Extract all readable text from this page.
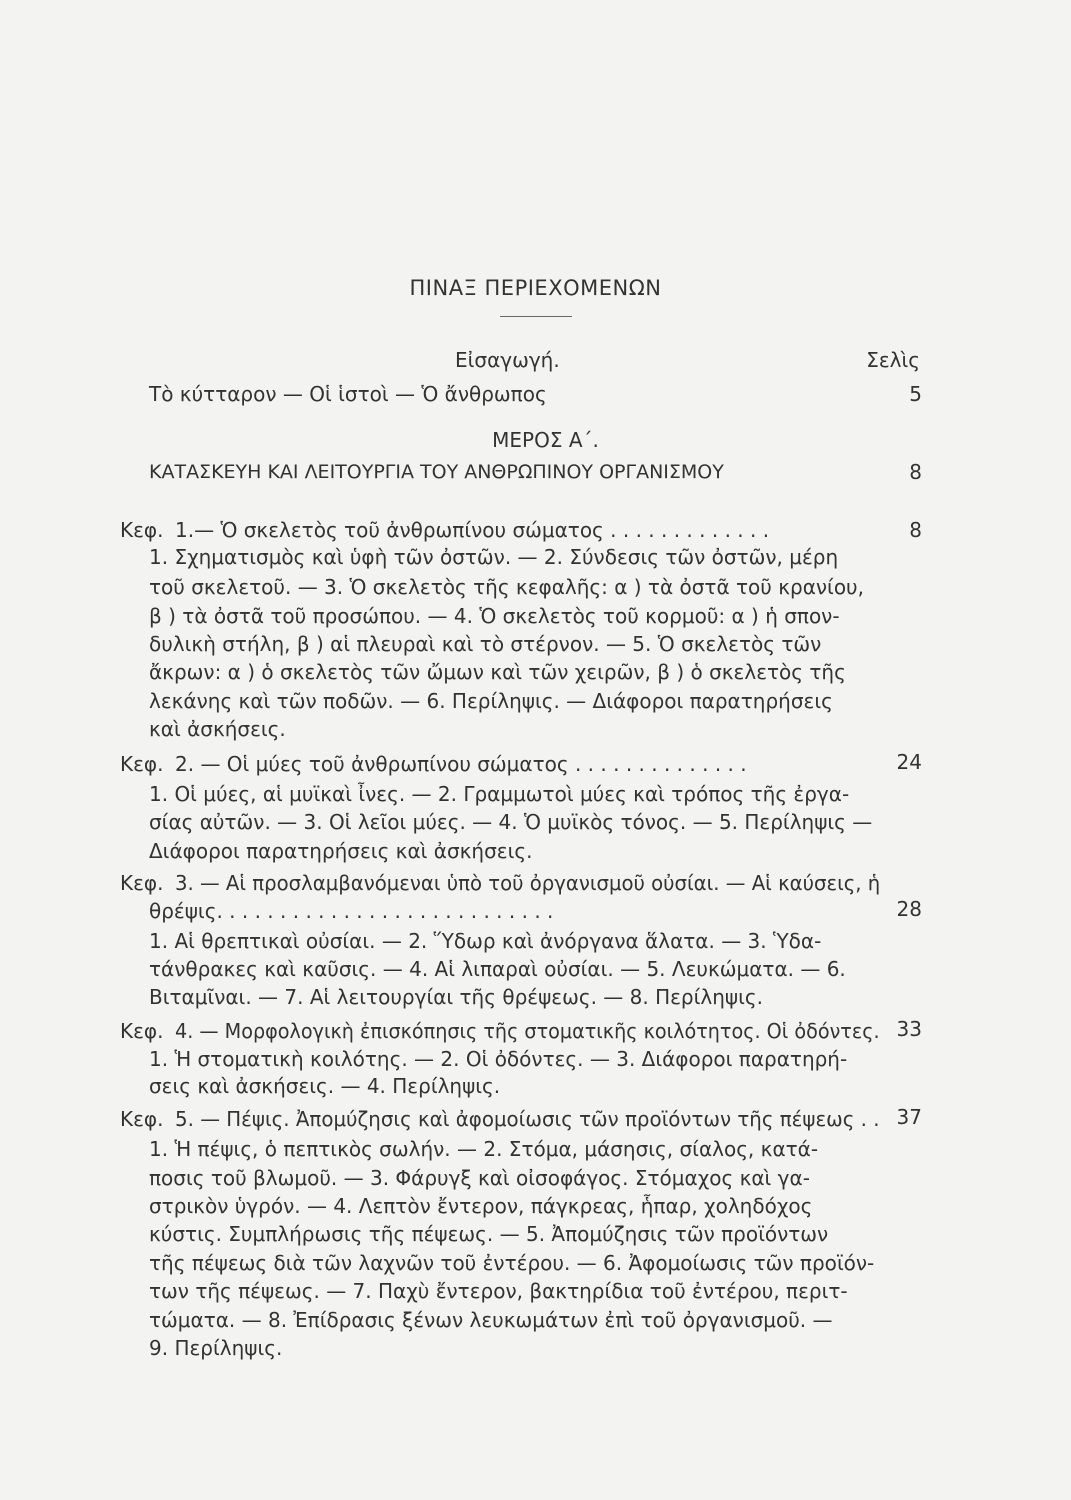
ΠΙΝΑΞ ΠΕΡΙΕΧΟΜΕΝΩΝ
Εἰσαγωγή.	Σελὶς
Τὸ κύτταρον — Οἱ ἱστοὶ — Ὁ ἄνθρωπος	5
ΜΕΡΟΣ Α΄.
ΚΑΤΑΣΚΕΥΗ ΚΑΙ ΛΕΙΤΟΥΡΓΙΑ ΤΟΥ ΑΝΘΡΩΠΙΝΟΥ ΟΡΓΑΝΙΣΜΟΥ	8
Κεφ. 1.— Ὁ σκελετὸς τοῦ ἀνθρωπίνου σώματος . . . . . . . . . . . . .	8
1. Σχηματισμὸς καὶ ὑφὴ τῶν ὀστῶν. — 2. Σύνδεσις τῶν ὀστῶν, μέρη
τοῦ σκελετοῦ. — 3. Ὁ σκελετὸς τῆς κεφαλῆς: α ) τὰ ὀστᾶ τοῦ κρανίου,
β ) τὰ ὀστᾶ τοῦ προσώπου. — 4. Ὁ σκελετὸς τοῦ κορμοῦ: α ) ἡ σπον-
δυλικὴ στήλη, β ) αἱ πλευραὶ καὶ τὸ στέρνον. — 5. Ὁ σκελετὸς τῶν
ἄκρων: α ) ὁ σκελετὸς τῶν ὤμων καὶ τῶν χειρῶν, β ) ὁ σκελετὸς τῆς
λεκάνης καὶ τῶν ποδῶν. — 6. Περίληψις. — Διάφοροι παρατηρήσεις
καὶ ἀσκήσεις.
Κεφ. 2. — Οἱ μύες τοῦ ἀνθρωπίνου σώματος . . . . . . . . . . . . . .	24
1. Οἱ μύες, αἱ μυϊκαὶ ἶνες. — 2. Γραμμωτοὶ μύες καὶ τρόπος τῆς ἐργα-
σίας αὐτῶν. — 3. Οἱ λεῖοι μύες. — 4. Ὁ μυϊκὸς τόνος. — 5. Περίληψις —
Διάφοροι παρατηρήσεις καὶ ἀσκήσεις.
Κεφ. 3. — Αἱ προσλαμβανόμεναι ὑπὸ τοῦ ὀργανισμοῦ οὐσίαι. — Αἱ καύσεις, ἡ
θρέψις. . . . . . . . . . . . . . . . . . . . . . . . . . .	28
1. Αἱ θρεπτικαὶ οὐσίαι. — 2. Ὕδωρ καὶ ἀνόργανα ἅλατα. — 3. Ὑδα-
τάνθρακες καὶ καῦσις. — 4. Αἱ λιπαραὶ οὐσίαι. — 5. Λευκώματα. — 6.
Βιταμῖναι. — 7. Αἱ λειτουργίαι τῆς θρέψεως. — 8. Περίληψις.
Κεφ. 4. — Μορφολογικὴ ἐπισκόπησις τῆς στοματικῆς κοιλότητος. Οἱ ὀδόντες. 33
1. Ἡ στοματικὴ κοιλότης. — 2. Οἱ ὀδόντες. — 3. Διάφοροι παρατηρή-
σεις καὶ ἀσκήσεις. — 4. Περίληψις.
Κεφ. 5. — Πέψις. Ἀπομύζησις καὶ ἀφομοίωσις τῶν προϊόντων τῆς πέψεως . . 37
1. Ἡ πέψις, ὁ πεπτικὸς σωλήν. — 2. Στόμα, μάσησις, σίαλος, κατά-
ποσις τοῦ βλωμοῦ. — 3. Φάρυγξ καὶ οἰσοφάγος. Στόμαχος καὶ γα-
στρικὸν ὑγρόν. — 4. Λεπτὸν ἔντερον, πάγκρεας, ἧπαρ, χοληδόχος
κύστις. Συμπλήρωσις τῆς πέψεως. — 5. Ἀπομύζησις τῶν προϊόντων
τῆς πέψεως διὰ τῶν λαχνῶν τοῦ ἐντέρου. — 6. Ἀφομοίωσις τῶν προϊόν-
των τῆς πέψεως. — 7. Παχὺ ἔντερον, βακτηρίδια τοῦ ἐντέρου, περιτ-
τώματα. — 8. Ἐπίδρασις ξένων λευκωμάτων ἐπὶ τοῦ ὀργανισμοῦ. —
9. Περίληψις.
